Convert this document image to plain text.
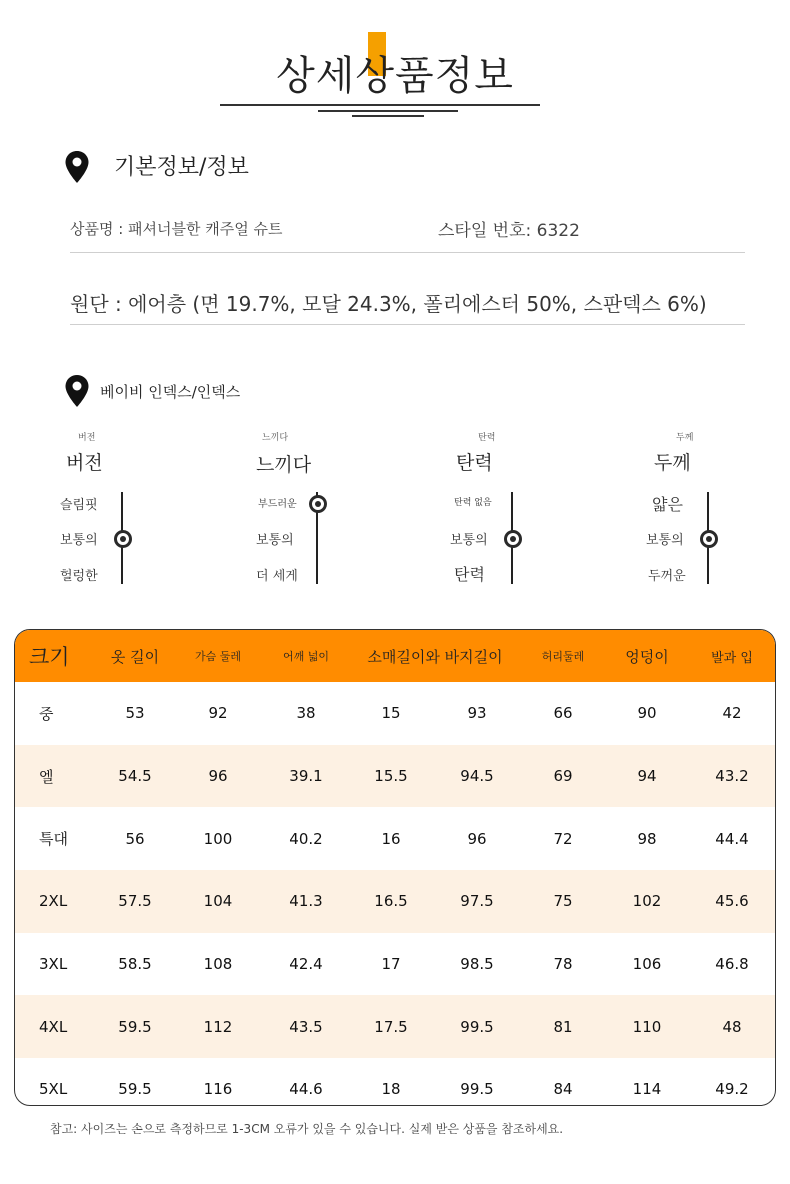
상세상품정보
기본정보/정보
상품명 : 패셔너블한 캐주얼 슈트	스타일 번호: 6322
원단 : 에어층 (면 19.7%, 모달 24.3%, 폴리에스터 50%, 스판덱스 6%)
베이비 인덱스/인덱스
버전
버전
슬림핏
보통의
헐렁한
느끼다
느끼다
부드러운
보통의
더 세게
탄력
탄력
탄력 없음
보통의
탄력
두께
두께
얇은
보통의
두꺼운
크기	옷 길이	가슴 둘레	어깨 넓이	소매길이와 바지길이		허리둘레	엉덩이	발과 입
중	53	92	38	15	93	66	90	42
엘	54.5	96	39.1	15.5	94.5	69	94	43.2
특대	56	100	40.2	16	96	72	98	44.4
2XL	57.5	104	41.3	16.5	97.5	75	102	45.6
3XL	58.5	108	42.4	17	98.5	78	106	46.8
4XL	59.5	112	43.5	17.5	99.5	81	110	48
5XL	59.5	116	44.6	18	99.5	84	114	49.2
참고: 사이즈는 손으로 측정하므로 1-3CM 오류가 있을 수 있습니다. 실제 받은 상품을 참조하세요.
